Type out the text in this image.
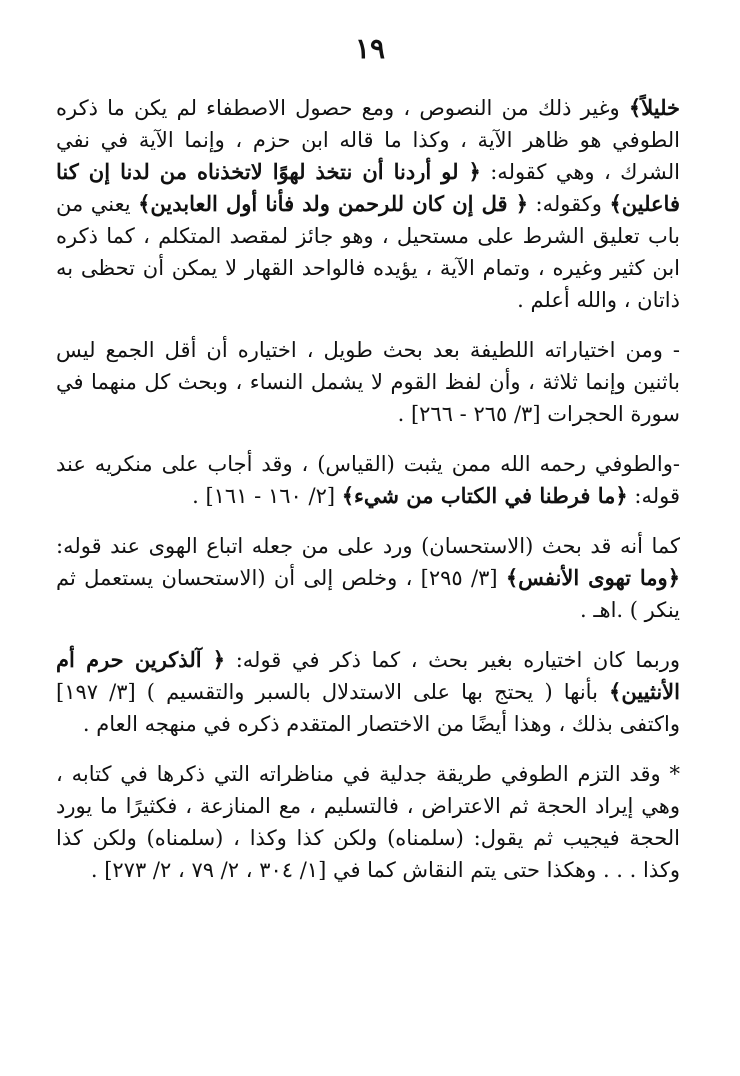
١٩

خليلاً﴾ وغير ذلك من النصوص ، ومع حصول الاصطفاء لم يكن ما ذكره الطوفي هو ظاهر الآية ، وكذا ما قاله ابن حزم ، وإنما الآية في نفي الشرك ، وهي كقوله: ﴿ لو أردنا أن نتخذ لهوًا لاتخذناه من لدنا إن كنا فاعلين﴾ وكقوله: ﴿ قل إن كان للرحمن ولد فأنا أول العابدين﴾ يعني من باب تعليق الشرط على مستحيل ، وهو جائز لمقصد المتكلم ، كما ذكره ابن كثير وغيره ، وتمام الآية ، يؤيده فالواحد القهار لا يمكن أن تحظى به ذاتان ، والله أعلم .

- ومن اختياراته اللطيفة بعد بحث طويل ، اختياره أن أقل الجمع ليس باثنين وإنما ثلاثة ، وأن لفظ القوم لا يشمل النساء ، وبحث كل منهما في سورة الحجرات [٣/ ٢٦٥ - ٢٦٦] .

-والطوفي رحمه الله ممن يثبت (القياس) ، وقد أجاب على منكريه عند قوله: ﴿ما فرطنا في الكتاب من شيء﴾ [٢/ ١٦٠ - ١٦١] .

كما أنه قد بحث (الاستحسان) ورد على من جعله اتباع الهوى عند قوله: ﴿وما تهوى الأنفس﴾ [٣/ ٢٩٥] ، وخلص إلى أن (الاستحسان يستعمل ثم ينكر ) .اهـ .

وربما كان اختياره بغير بحث ، كما ذكر في قوله: ﴿ آلذكرين حرم أم الأنثيين﴾ بأنها ( يحتج بها على الاستدلال بالسبر والتقسيم ) [٣/ ١٩٧] واكتفى بذلك ، وهذا أيضًا من الاختصار المتقدم ذكره في منهجه العام .

* وقد التزم الطوفي طريقة جدلية في مناظراته التي ذكرها في كتابه ، وهي إيراد الحجة ثم الاعتراض ، فالتسليم ، مع المنازعة ، فكثيرًا ما يورد الحجة فيجيب ثم يقول: (سلمناه) ولكن كذا وكذا ، (سلمناه) ولكن كذا وكذا . . . وهكذا حتى يتم النقاش كما في [١/ ٣٠٤ ، ٢/ ٧٩ ، ٢/ ٢٧٣] .
